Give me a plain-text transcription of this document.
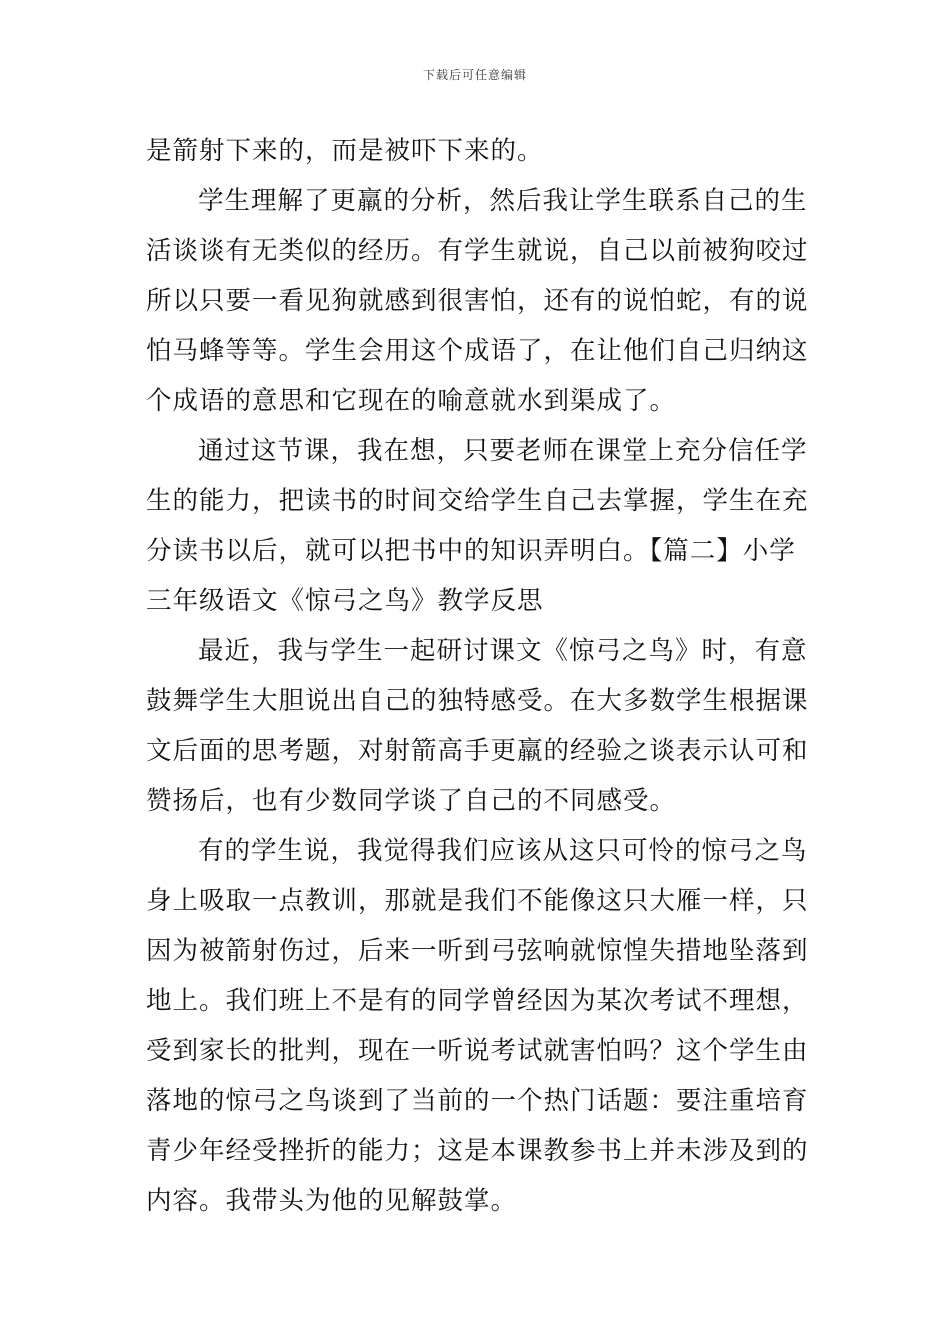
下载后可任意编辑
是箭射下来的，而是被吓下来的。
学生理解了更羸的分析，然后我让学生联系自己的生
活谈谈有无类似的经历。有学生就说，自己以前被狗咬过
所以只要一看见狗就感到很害怕，还有的说怕蛇，有的说
怕马蜂等等。学生会用这个成语了，在让他们自己归纳这
个成语的意思和它现在的喻意就水到渠成了。
通过这节课，我在想，只要老师在课堂上充分信任学
生的能力，把读书的时间交给学生自己去掌握，学生在充
分读书以后，就可以把书中的知识弄明白。【篇二】小学
三年级语文《惊弓之鸟》教学反思
最近，我与学生一起研讨课文《惊弓之鸟》时，有意
鼓舞学生大胆说出自己的独特感受。在大多数学生根据课
文后面的思考题，对射箭高手更羸的经验之谈表示认可和
赞扬后，也有少数同学谈了自己的不同感受。
有的学生说，我觉得我们应该从这只可怜的惊弓之鸟
身上吸取一点教训，那就是我们不能像这只大雁一样，只
因为被箭射伤过，后来一听到弓弦响就惊惶失措地坠落到
地上。我们班上不是有的同学曾经因为某次考试不理想，
受到家长的批判，现在一听说考试就害怕吗？这个学生由
落地的惊弓之鸟谈到了当前的一个热门话题：要注重培育
青少年经受挫折的能力；这是本课教参书上并未涉及到的
内容。我带头为他的见解鼓掌。
